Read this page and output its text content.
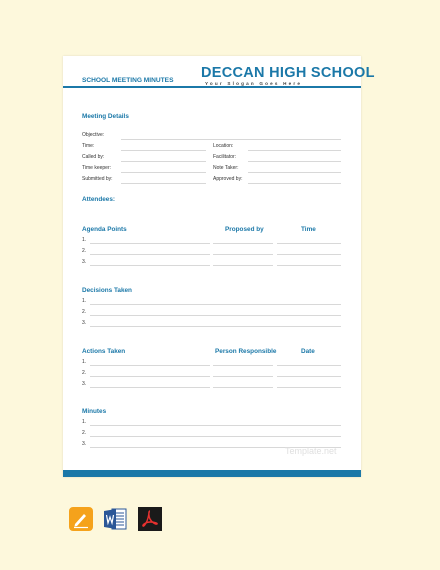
DECCAN HIGH SCHOOL
Your Slogan Goes Here
SCHOOL MEETING MINUTES
Meeting Details
Objective:
Time:	Location:
Called by:	Facilitator:
Time keeper:	Note Taker:
Submitted by:	Approved by:
Attendees:
Agenda Points	Proposed by	Time
1.
2.
3.
Decisions Taken
1.
2.
3.
Actions Taken	Person Responsible	Date
1.
2.
3.
Minutes
1.
2.
3.
Template.net
